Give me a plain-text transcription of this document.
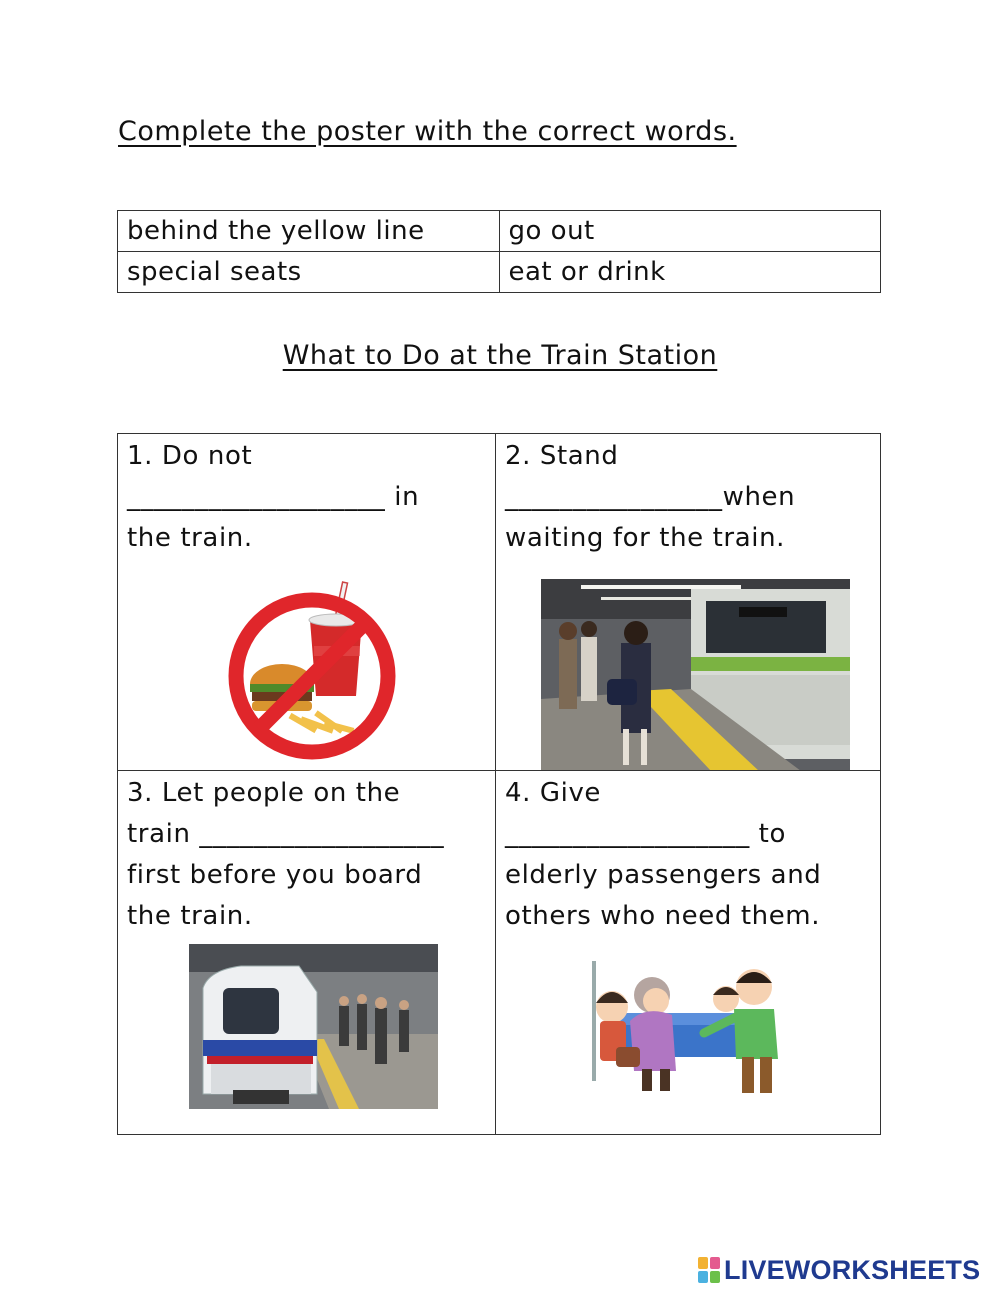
Complete the poster with the correct words.
behind the yellow line	go out
special seats	eat or drink
What to Do at the Train Station
1. Do not
___________________ in
the train.
2. Stand
________________when
waiting for the train.
3. Let people on the
train __________________
first before you board
the train.
4. Give
__________________ to
elderly passengers and
others who need them.
LIVEWORKSHEETS
